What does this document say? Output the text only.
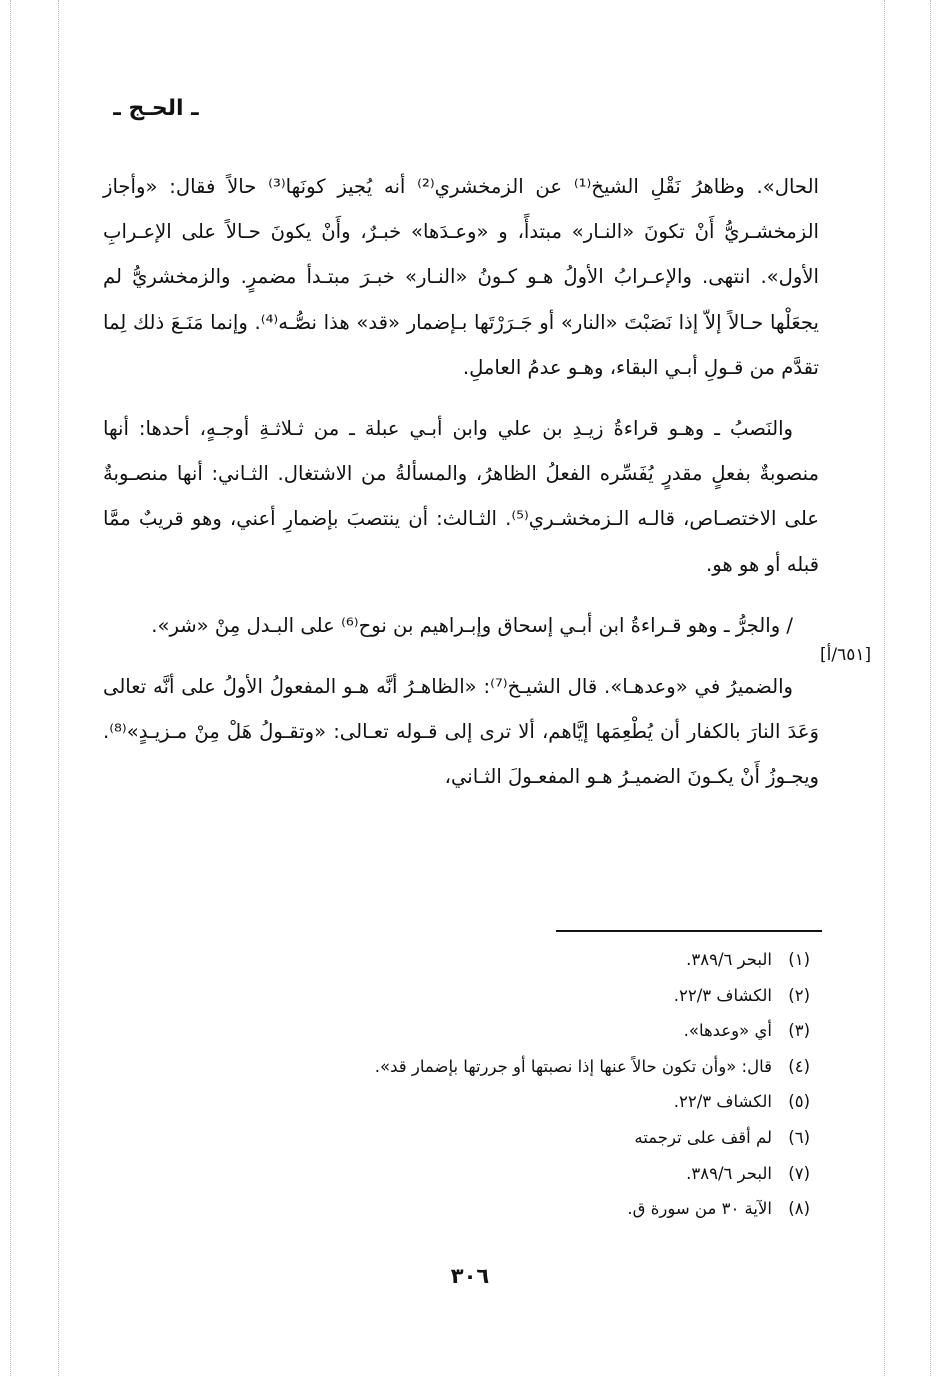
ـ الحـج ـ

الحال». وظاهرُ نَقْلِ الشيخ⁽¹⁾ عن الزمخشري⁽²⁾ أنه يُجيز كونَها⁽³⁾ حالاً فقال: «وأجاز الزمخشـريُّ أَنْ تكونَ «النـار» مبتدأً، و «وعـدَها» خبـرٌ، وأَنْ يكونَ حـالاً على الإعـرابِ الأول». انتهى. والإعـرابُ الأولُ هـو كـونُ «النـار» خبـرَ مبتـدأ مضمرٍ. والزمخشريُّ لم يجعَلْها حـالاً إلاّ إذا نَصَبْتَ «النار» أو جَـرَرْتَها بـإضمار «قد» هذا نصُّـه⁽⁴⁾. وإنما مَنَـعَ ذلك لِما تقدَّم من قـولِ أبـي البقاء، وهـو عدمُ العاملِ.

والنَصبُ ـ وهـو قراءةُ زيـدِ بن علي وابن أبـي عبلة ـ من ثـلاثـةِ أوجـهٍ، أحدها: أنها منصوبةٌ بفعلٍ مقدرٍ يُفَسِّره الفعلُ الظاهرُ، والمسألةُ من الاشتغال. الثـاني: أنها منصـوبةٌ على الاختصـاص، قالـه الـزمخشـري⁽⁵⁾. الثـالث: أن ينتصبَ بإضمارِ أعني، وهو قريبٌ ممَّا قبله أو هو هو.

/ والجرُّ ـ وهو قـراءةُ ابن أبـي إسحاق وإبـراهيم بن نوح⁽⁶⁾ على البـدل مِنْ «شر».

والضميرُ في «وعدهـا». قال الشيـخ⁽⁷⁾: «الظاهـرُ أنَّه هـو المفعولُ الأولُ على أنَّه تعالى وَعَدَ النارَ بالكفار أن يُطْعِمَها إيَّاهم، ألا ترى إلى قـوله تعـالى: «وتقـولُ هَلْ مِنْ مـزيـدٍ»⁽⁸⁾. ويجـوزُ أَنْ يكـونَ الضميـرُ هـو المفعـولَ الثـاني،

[٦٥١/أ]
(١)البحر ٣٨٩/٦.
(٢)الكشاف ٢٢/٣.
(٣)أي «وعدها».
(٤)قال: «وأن تكون حالاً عنها إذا نصبتها أو جررتها بإضمار قد».
(٥)الكشاف ٢٢/٣.
(٦)لم أقف على ترجمته
(٧)البحر ٣٨٩/٦.
(٨)الآية ٣٠ من سورة ق.
٣٠٦
